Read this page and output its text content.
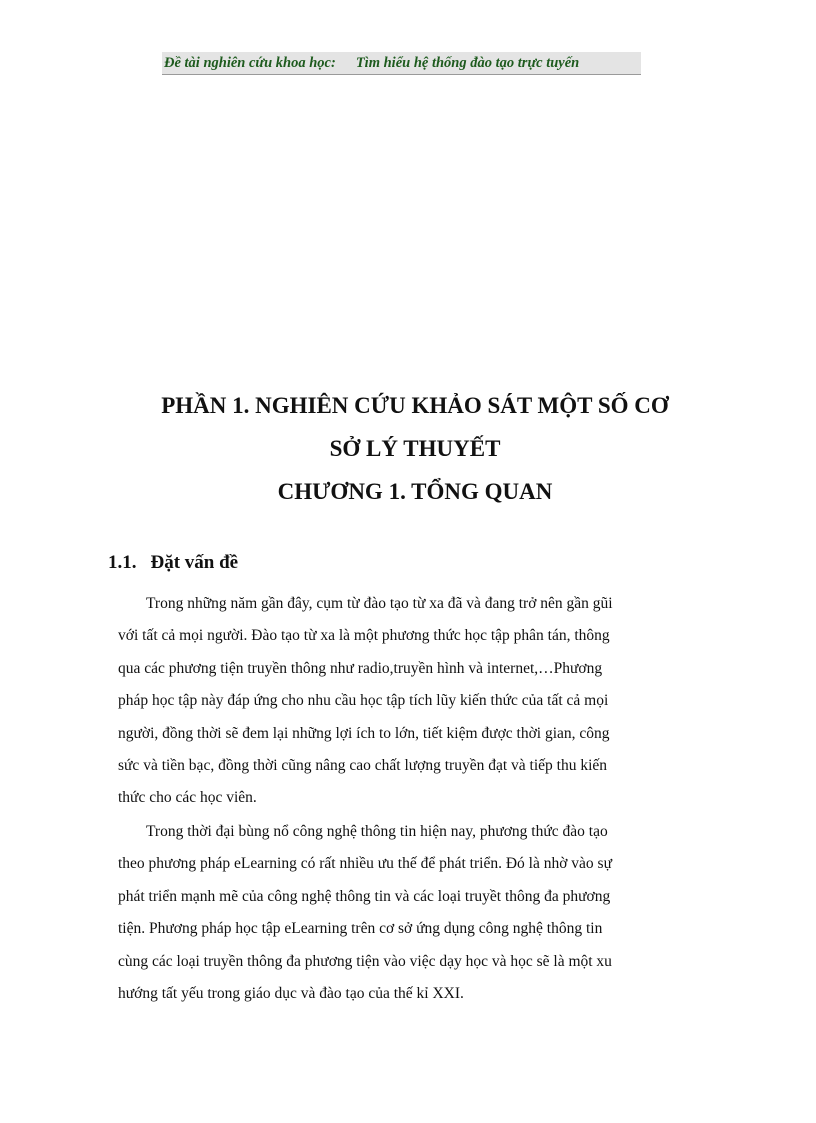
Đề tài nghiên cứu khoa học: Tìm hiểu hệ thống đào tạo trực tuyến
PHẦN 1. NGHIÊN CỨU KHẢO SÁT MỘT SỐ CƠ
SỞ LÝ THUYẾT
CHƯƠNG 1. TỔNG QUAN
1.1. Đặt vấn đề
Trong những năm gần đây, cụm từ đào tạo từ xa đã và đang trở nên gần gũi
với tất cả mọi người. Đào tạo từ xa là một phương thức học tập phân tán, thông
qua các phương tiện truyền thông như radio,truyền hình và internet,…Phương
pháp học tập này đáp ứng cho nhu cầu học tập tích lũy kiến thức của tất cả mọi
người, đồng thời sẽ đem lại những lợi ích to lớn, tiết kiệm được thời gian, công
sức và tiền bạc, đồng thời cũng nâng cao chất lượng truyền đạt và tiếp thu kiến
thức cho các học viên.
Trong thời đại bùng nổ công nghệ thông tin hiện nay, phương thức đào tạo
theo phương pháp eLearning có rất nhiều ưu thế để phát triển. Đó là nhờ vào sự
phát triển mạnh mẽ của công nghệ thông tin và các loại truyềt thông đa phương
tiện. Phương pháp học tập eLearning trên cơ sở ứng dụng công nghệ thông tin
cùng các loại truyền thông đa phương tiện vào việc dạy học và học sẽ là một xu
hướng tất yếu trong giáo dục và đào tạo của thế kỉ XXI.
